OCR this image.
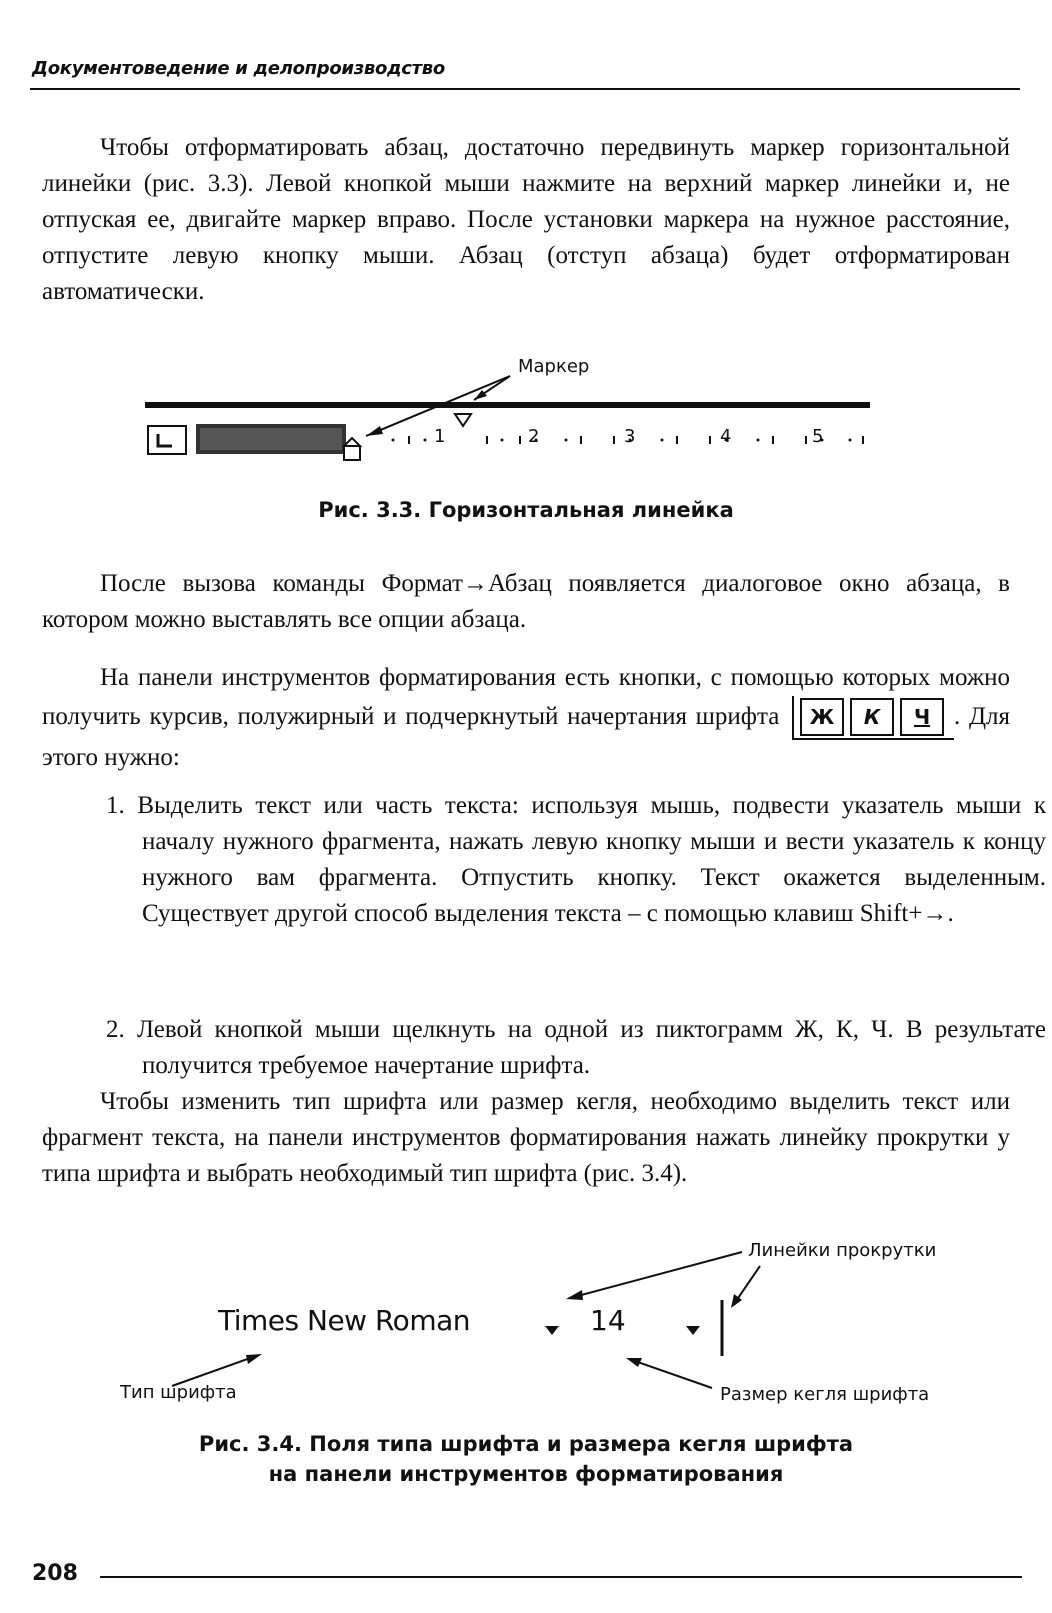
Документоведение и делопроизводство
Чтобы отформатировать абзац, достаточно передвинуть маркер горизонтальной линейки (рис. 3.3). Левой кнопкой мыши нажмите на верхний маркер линейки и, не отпуская ее, двигайте маркер вправо. После установки маркера на нужное расстояние, отпустите левую кнопку мыши. Абзац (отступ абзаца) будет отформатирован автоматически.
Маркер
1	2	3	4	5
Рис. 3.3. Горизонтальная линейка
После вызова команды Формат→Абзац появляется диалоговое окно абзаца, в котором можно выставлять все опции абзаца.
На панели инструментов форматирования есть кнопки, с помощью которых можно получить курсив, полужирный и подчеркнутый начертания шрифта Ж К Ч . Для этого нужно:
1. Выделить текст или часть текста: используя мышь, подвести указатель мыши к началу нужного фрагмента, нажать левую кнопку мыши и вести указатель к концу нужного вам фрагмента. Отпустить кнопку. Текст окажется выделенным. Существует другой способ выделения текста – с помощью клавиш Shift+→.
2. Левой кнопкой мыши щелкнуть на одной из пиктограмм Ж, К, Ч. В результате получится требуемое начертание шрифта.
Чтобы изменить тип шрифта или размер кегля, необходимо выделить текст или фрагмент текста, на панели инструментов форматирования нажать линейку прокрутки у типа шрифта и выбрать необходимый тип шрифта (рис. 3.4).
Times New Roman	14
Линейки прокрутки
Тип шрифта	Размер кегля шрифта
Рис. 3.4. Поля типа шрифта и размера кегля шрифта
на панели инструментов форматирования
208
